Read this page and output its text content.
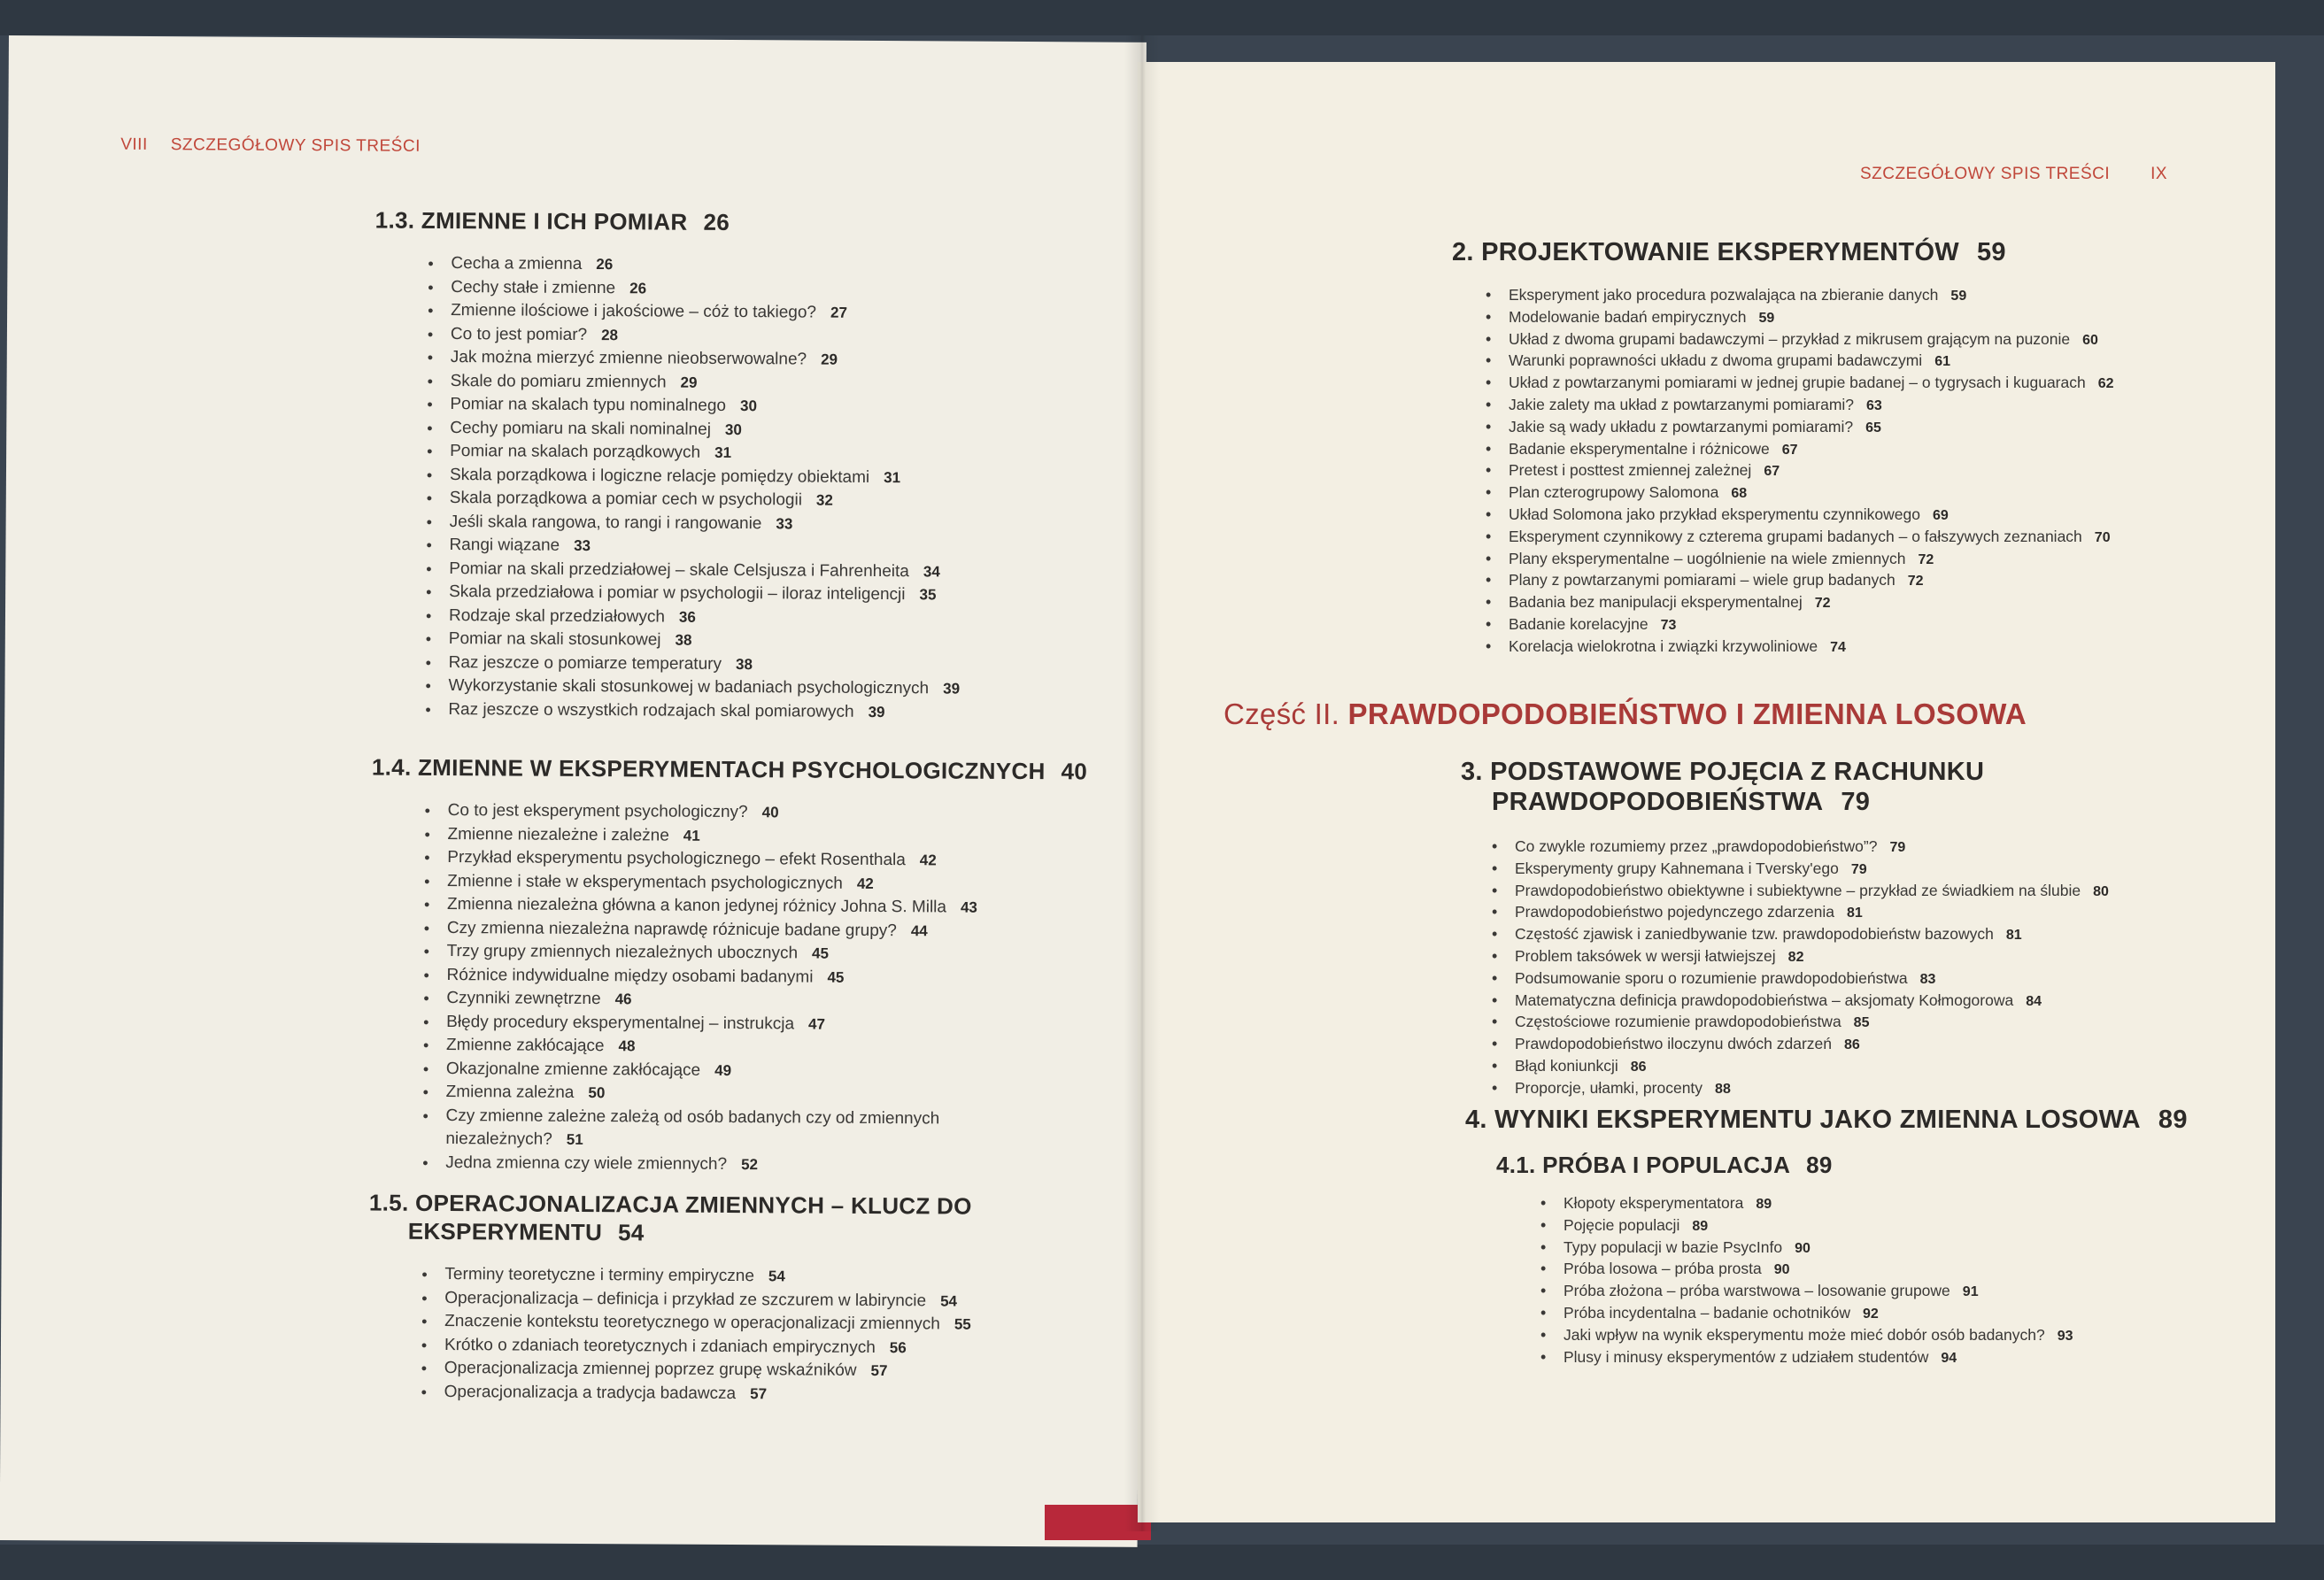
VIII SZCZEGÓŁOWY SPIS TREŚCI
1.3. ZMIENNE I ICH POMIAR 26
• Cecha a zmienna 26
• Cechy stałe i zmienne 26
• Zmienne ilościowe i jakościowe – cóż to takiego? 27
• Co to jest pomiar? 28
• Jak można mierzyć zmienne nieobserwowalne? 29
• Skale do pomiaru zmiennych 29
• Pomiar na skalach typu nominalnego 30
• Cechy pomiaru na skali nominalnej 30
• Pomiar na skalach porządkowych 31
• Skala porządkowa i logiczne relacje pomiędzy obiektami 31
• Skala porządkowa a pomiar cech w psychologii 32
• Jeśli skala rangowa, to rangi i rangowanie 33
• Rangi wiązane 33
• Pomiar na skali przedziałowej – skale Celsjusza i Fahrenheita 34
• Skala przedziałowa i pomiar w psychologii – iloraz inteligencji 35
• Rodzaje skal przedziałowych 36
• Pomiar na skali stosunkowej 38
• Raz jeszcze o pomiarze temperatury 38
• Wykorzystanie skali stosunkowej w badaniach psychologicznych 39
• Raz jeszcze o wszystkich rodzajach skal pomiarowych 39
1.4. ZMIENNE W EKSPERYMENTACH PSYCHOLOGICZNYCH 40
• Co to jest eksperyment psychologiczny? 40
• Zmienne niezależne i zależne 41
• Przykład eksperymentu psychologicznego – efekt Rosenthala 42
• Zmienne i stałe w eksperymentach psychologicznych 42
• Zmienna niezależna główna a kanon jedynej różnicy Johna S. Milla 43
• Czy zmienna niezależna naprawdę różnicuje badane grupy? 44
• Trzy grupy zmiennych niezależnych ubocznych 45
• Różnice indywidualne między osobami badanymi 45
• Czynniki zewnętrzne 46
• Błędy procedury eksperymentalnej – instrukcja 47
• Zmienne zakłócające 48
• Okazjonalne zmienne zakłócające 49
• Zmienna zależna 50
• Czy zmienne zależne zależą od osób badanych czy od zmiennych niezależnych? 51
• Jedna zmienna czy wiele zmiennych? 52
1.5. OPERACJONALIZACJA ZMIENNYCH – KLUCZ DO EKSPERYMENTU 54
• Terminy teoretyczne i terminy empiryczne 54
• Operacjonalizacja – definicja i przykład ze szczurem w labiryncie 54
• Znaczenie kontekstu teoretycznego w operacjonalizacji zmiennych 55
• Krótko o zdaniach teoretycznych i zdaniach empirycznych 56
• Operacjonalizacja zmiennej poprzez grupę wskaźników 57
• Operacjonalizacja a tradycja badawcza 57
SZCZEGÓŁOWY SPIS TREŚCI IX
2. PROJEKTOWANIE EKSPERYMENTÓW 59
• Eksperyment jako procedura pozwalająca na zbieranie danych 59
• Modelowanie badań empirycznych 59
• Układ z dwoma grupami badawczymi – przykład z mikrusem grającym na puzonie 60
• Warunki poprawności układu z dwoma grupami badawczymi 61
• Układ z powtarzanymi pomiarami w jednej grupie badanej – o tygrysach i kuguarach 62
• Jakie zalety ma układ z powtarzanymi pomiarami? 63
• Jakie są wady układu z powtarzanymi pomiarami? 65
• Badanie eksperymentalne i różnicowe 67
• Pretest i posttest zmiennej zależnej 67
• Plan czterogrupowy Salomona 68
• Układ Solomona jako przykład eksperymentu czynnikowego 69
• Eksperyment czynnikowy z czterema grupami badanych – o fałszywych zeznaniach 70
• Plany eksperymentalne – uogólnienie na wiele zmiennych 72
• Plany z powtarzanymi pomiarami – wiele grup badanych 72
• Badania bez manipulacji eksperymentalnej 72
• Badanie korelacyjne 73
• Korelacja wielokrotna i związki krzywoliniowe 74
Część II. PRAWDOPODOBIEŃSTWO I ZMIENNA LOSOWA
3. PODSTAWOWE POJĘCIA Z RACHUNKU
PRAWDOPODOBIEŃSTWA 79
• Co zwykle rozumiemy przez „prawdopodobieństwo”? 79
• Eksperymenty grupy Kahnemana i Tversky'ego 79
• Prawdopodobieństwo obiektywne i subiektywne – przykład ze świadkiem na ślubie 80
• Prawdopodobieństwo pojedynczego zdarzenia 81
• Częstość zjawisk i zaniedbywanie tzw. prawdopodobieństw bazowych 81
• Problem taksówek w wersji łatwiejszej 82
• Podsumowanie sporu o rozumienie prawdopodobieństwa 83
• Matematyczna definicja prawdopodobieństwa – aksjomaty Kołmogorowa 84
• Częstościowe rozumienie prawdopodobieństwa 85
• Prawdopodobieństwo iloczynu dwóch zdarzeń 86
• Błąd koniunkcji 86
• Proporcje, ułamki, procenty 88
4. WYNIKI EKSPERYMENTU JAKO ZMIENNA LOSOWA 89
4.1. PRÓBA I POPULACJA 89
• Kłopoty eksperymentatora 89
• Pojęcie populacji 89
• Typy populacji w bazie PsycInfo 90
• Próba losowa – próba prosta 90
• Próba złożona – próba warstwowa – losowanie grupowe 91
• Próba incydentalna – badanie ochotników 92
• Jaki wpływ na wynik eksperymentu może mieć dobór osób badanych? 93
• Plusy i minusy eksperymentów z udziałem studentów 94
